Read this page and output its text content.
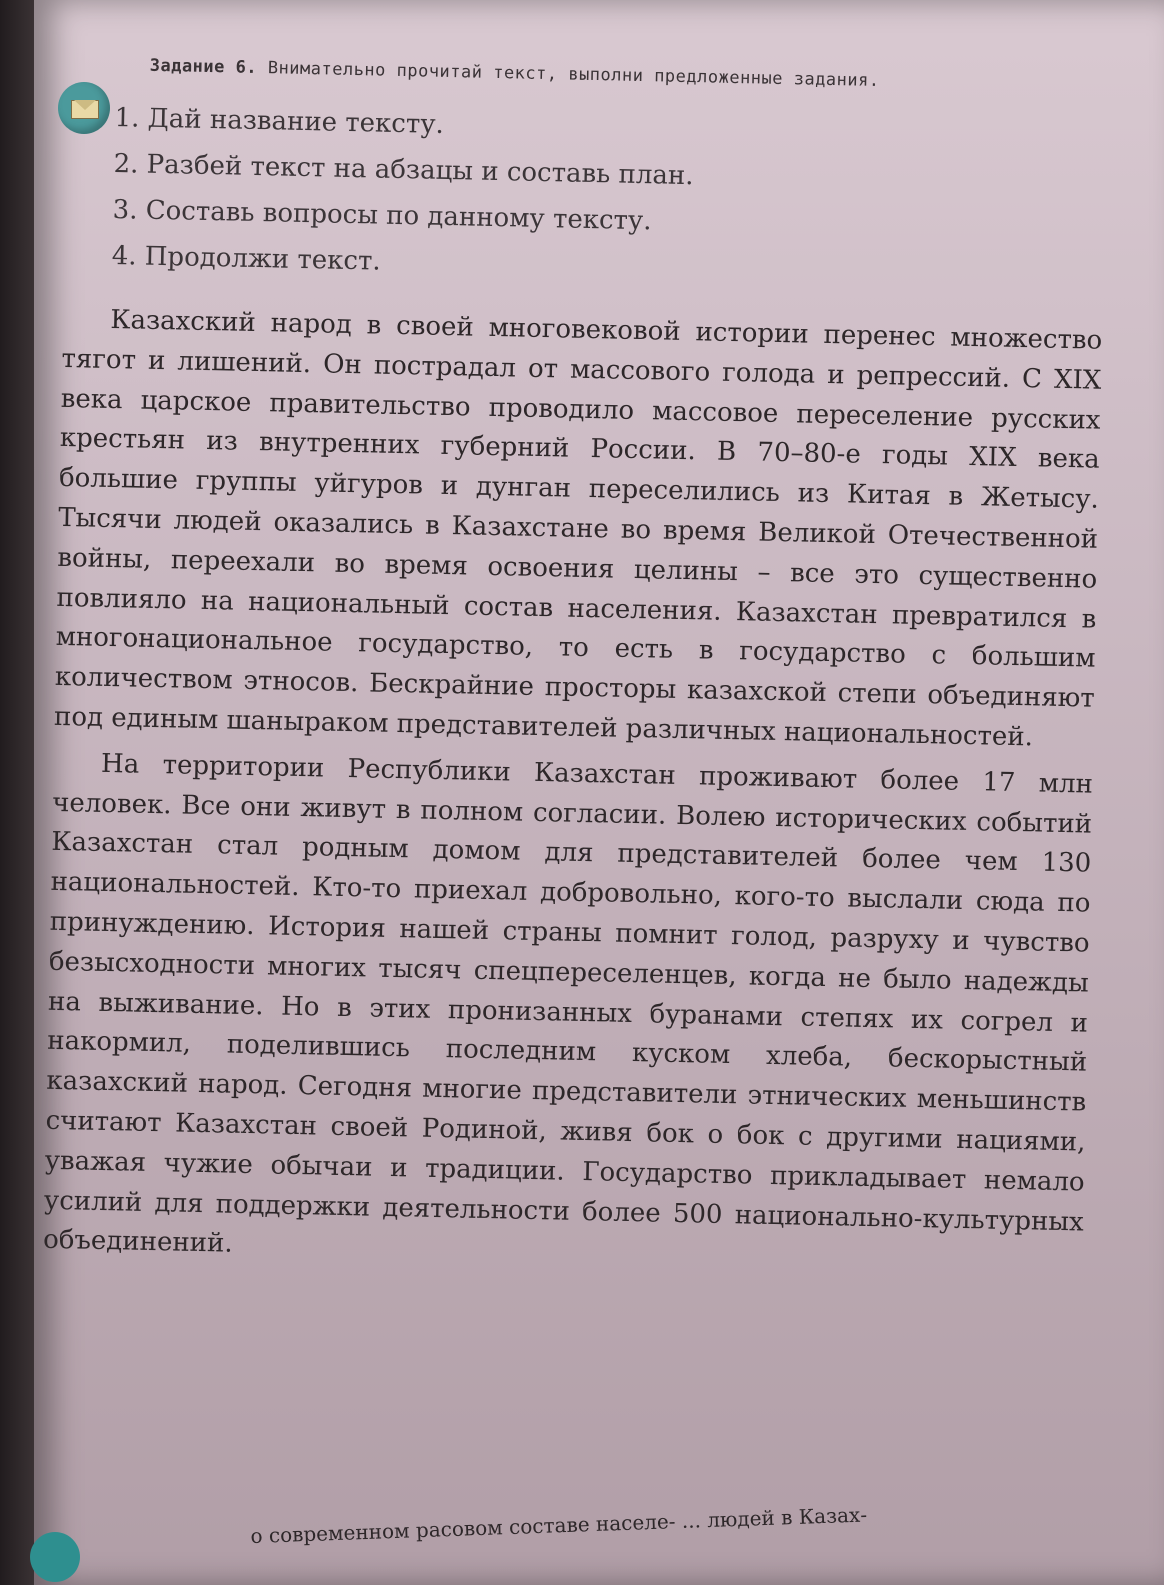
Задание 6. Внимательно прочитай текст, выполни предложенные задания.
1. Дай название тексту.
2. Разбей текст на абзацы и составь план.
3. Составь вопросы по данному тексту.
4. Продолжи текст.

Казахский народ в своей многовековой истории перенес множество тягот и лишений. Он пострадал от массового голода и репрессий. С XIX века царское правительство проводило массовое переселение русских крестьян из внутренних губерний России. В 70–80-е годы XIX века большие группы уйгуров и дунган переселились из Китая в Жетысу. Тысячи людей оказались в Казахстане во время Великой Отечественной войны, переехали во время освоения целины – все это существенно повлияло на национальный состав населения. Казахстан превратился в многонациональное государство, то есть в государство с большим количеством этносов. Бескрайние просторы казахской степи объединяют под единым шаныраком представителей различных национальностей.

На территории Республики Казахстан проживают более 17 млн человек. Все они живут в полном согласии. Волею исторических событий Казахстан стал родным домом для представителей более чем 130 национальностей. Кто-то приехал добровольно, кого-то выслали сюда по принуждению. История нашей страны помнит голод, разруху и чувство безысходности многих тысяч спецпереселенцев, когда не было надежды на выживание. Но в этих пронизанных буранами степях их согрел и накормил, поделившись последним куском хлеба, бескорыстный казахский народ. Сегодня многие представители этнических меньшинств считают Казахстан своей Родиной, живя бок о бок с другими нациями, уважая чужие обычаи и традиции. Государство прикладывает немало усилий для поддержки деятельности более 500 национально-культурных объединений.

о современном расовом составе населе- ... людей в Казах-
